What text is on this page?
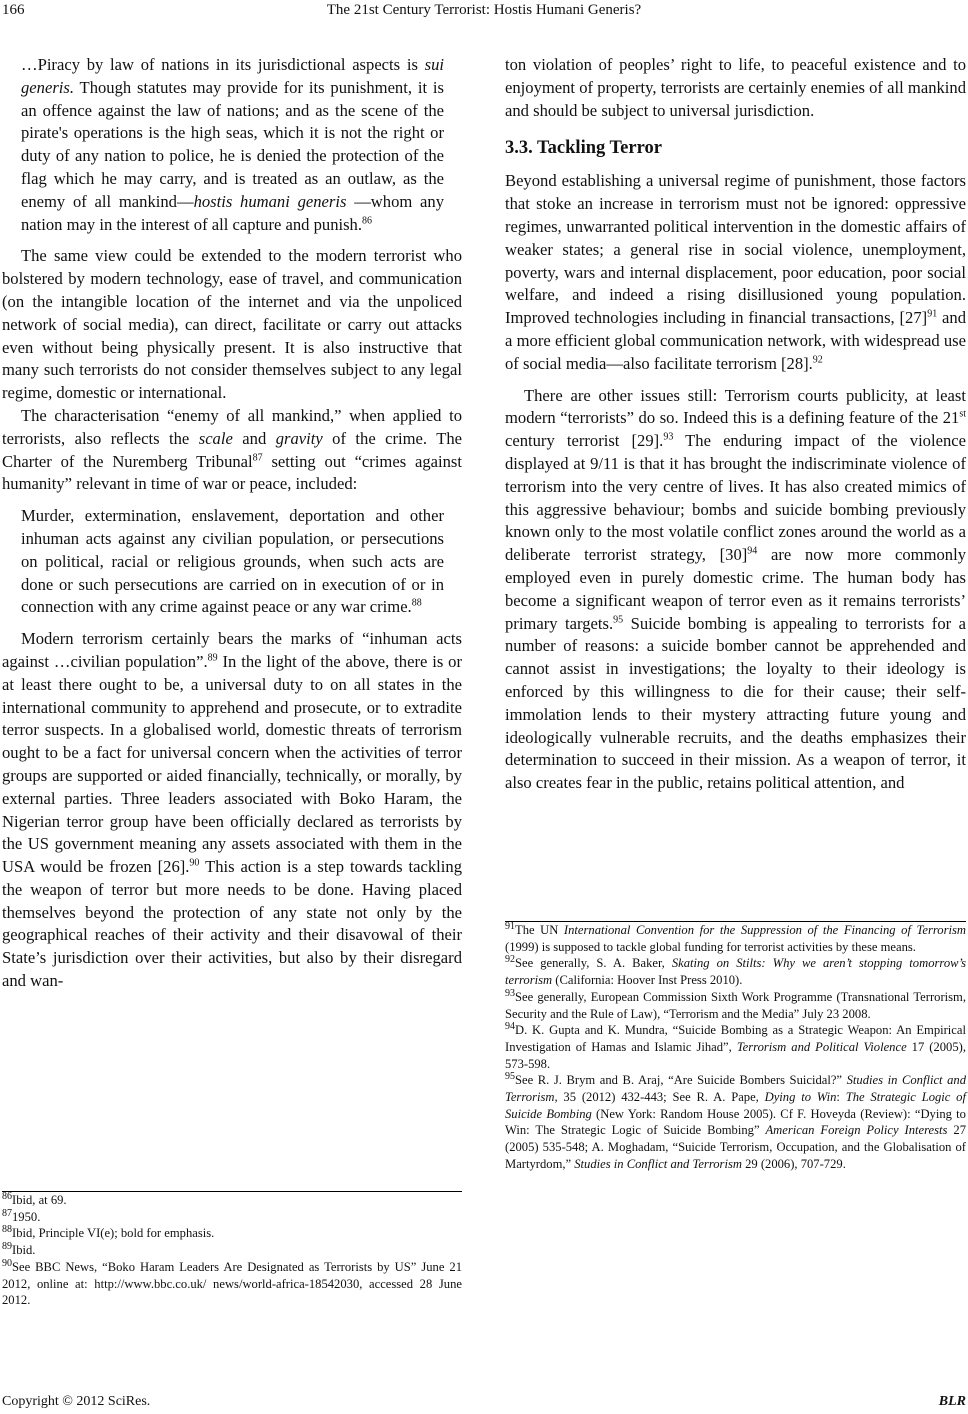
166	The 21st Century Terrorist: Hostis Humani Generis?

…Piracy by law of nations in its jurisdictional aspects is sui generis. Though statutes may provide for its punishment, it is an offence against the law of nations; and as the scene of the pirate's operations is the high seas, which it is not the right or duty of any nation to police, he is denied the protection of the flag which he may carry, and is treated as an outlaw, as the enemy of all mankind—hostis humani generis —whom any nation may in the interest of all capture and punish.$^{86}$

The same view could be extended to the modern terrorist who bolstered by modern technology, ease of travel, and communication (on the intangible location of the internet and via the unpoliced network of social media), can direct, facilitate or carry out attacks even without being physically present. It is also instructive that many such terrorists do not consider themselves subject to any legal regime, domestic or international.

The characterisation “enemy of all mankind,” when applied to terrorists, also reflects the scale and gravity of the crime. The Charter of the Nuremberg Tribunal$^{87}$ setting out “crimes against humanity” relevant in time of war or peace, included:

Murder, extermination, enslavement, deportation and other inhuman acts against any civilian population, or persecutions on political, racial or religious grounds, when such acts are done or such persecutions are carried on in execution of or in connection with any crime against peace or any war crime.$^{88}$

Modern terrorism certainly bears the marks of “inhuman acts against …civilian population”.$^{89}$ In the light of the above, there is or at least there ought to be, a universal duty to on all states in the international community to apprehend and prosecute, or to extradite terror suspects. In a globalised world, domestic threats of terrorism ought to be a fact for universal concern when the activities of terror groups are supported or aided financially, technically, or morally, by external parties. Three leaders associated with Boko Haram, the Nigerian terror group have been officially declared as terrorists by the US government meaning any assets associated with them in the USA would be frozen [26].$^{90}$ This action is a step towards tackling the weapon of terror but more needs to be done. Having placed themselves beyond the protection of any state not only by the geographical reaches of their activity and their disavowal of their State’s jurisdiction over their activities, but also by their disregard and wan-

ton violation of peoples’ right to life, to peaceful existence and to enjoyment of property, terrorists are certainly enemies of all mankind and should be subject to universal jurisdiction.

3.3. Tackling Terror

Beyond establishing a universal regime of punishment, those factors that stoke an increase in terrorism must not be ignored: oppressive regimes, unwarranted political intervention in the domestic affairs of weaker states; a general rise in social violence, unemployment, poverty, wars and internal displacement, poor education, poor social welfare, and indeed a rising disillusioned young population. Improved technologies including in financial transactions, $[27]^{91}$ and a more efficient global communication network, with widespread use of social media—also facilitate terrorism [28].$^{92}$

There are other issues still: Terrorism courts publicity, at least modern “terrorists” do so. Indeed this is a defining feature of the 21st century terrorist [29].$^{93}$ The enduring impact of the violence displayed at 9/11 is that it has brought the indiscriminate violence of terrorism into the very centre of lives. It has also created mimics of this aggressive behaviour; bombs and suicide bombing previously known only to the most volatile conflict zones around the world as a deliberate terrorist strategy, $[30]^{94}$ are now more commonly employed even in purely domestic crime. The human body has become a significant weapon of terror even as it remains terrorists’ primary targets.$^{95}$ Suicide bombing is appealing to terrorists for a number of reasons: a suicide bomber cannot be apprehended and cannot assist in investigations; the loyalty to their ideology is enforced by this willingness to die for their cause; their self-immolation lends to their mystery attracting future young and ideologically vulnerable recruits, and the deaths emphasizes their determination to succeed in their mission. As a weapon of terror, it also creates fear in the public, retains political attention, and

$^{86}$Ibid, at 69.

$^{87}$1950.

$^{88}$Ibid, Principle VI(e); bold for emphasis.

$^{89}$Ibid.

$^{90}$See BBC News, “Boko Haram Leaders Are Designated as Terrorists by US” June 21 2012, online at: http://www.bbc.co.uk/ news/world-africa-18542030, accessed 28 June 2012.

$^{91}$The UN International Convention for the Suppression of the Financing of Terrorism (1999) is supposed to tackle global funding for terrorist activities by these means.

$^{92}$See generally, S. A. Baker, Skating on Stilts: Why we aren’t stopping tomorrow’s terrorism (California: Hoover Inst Press 2010).

$^{93}$See generally, European Commission Sixth Work Programme (Transnational Terrorism, Security and the Rule of Law), “Terrorism and the Media” July 23 2008.

$^{94}$D. K. Gupta and K. Mundra, “Suicide Bombing as a Strategic Weapon: An Empirical Investigation of Hamas and Islamic Jihad”, Terrorism and Political Violence 17 (2005), 573-598.

$^{95}$See R. J. Brym and B. Araj, “Are Suicide Bombers Suicidal?” Studies in Conflict and Terrorism, 35 (2012) 432-443; See R. A. Pape, Dying to Win: The Strategic Logic of Suicide Bombing (New York: Random House 2005). Cf F. Hoveyda (Review): “Dying to Win: The Strategic Logic of Suicide Bombing” American Foreign Policy Interests 27 (2005) 535-548; A. Moghadam, “Suicide Terrorism, Occupation, and the Globalisation of Martyrdom,” Studies in Conflict and Terrorism 29 (2006), 707-729.

Copyright © 2012 SciRes.	BLR
